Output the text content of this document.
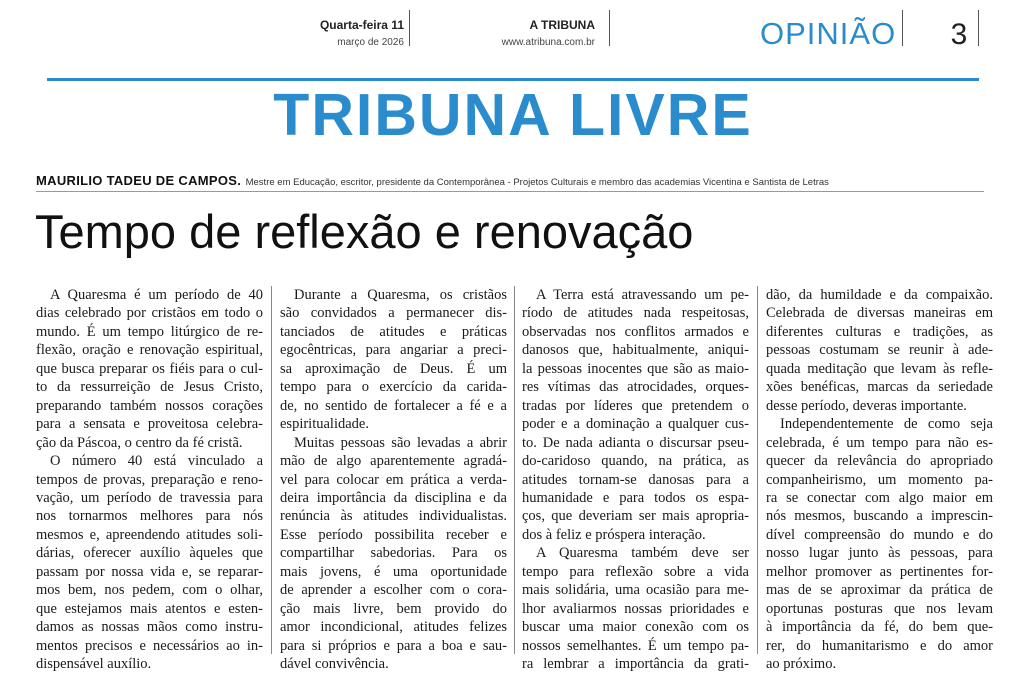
Quarta-feira 11
março de 2026
A TRIBUNA
www.atribuna.com.br	OPINIÃO 3
TRIBUNA LIVRE
MAURILIO TADEU DE CAMPOS. Mestre em Educação, escritor, presidente da Contemporânea - Projetos Culturais e membro das academias Vicentina e Santista de Letras
Tempo de reflexão e renovação
A Quaresma é um período de 40
dias celebrado por cristãos em todo o
mundo. É um tempo litúrgico de re-
flexão, oração e renovação espiritual,
que busca preparar os fiéis para o cul-
to da ressurreição de Jesus Cristo,
preparando também nossos corações
para a sensata e proveitosa celebra-
ção da Páscoa, o centro da fé cristã.
O número 40 está vinculado a
tempos de provas, preparação e reno-
vação, um período de travessia para
nos tornarmos melhores para nós
mesmos e, apreendendo atitudes soli-
dárias, oferecer auxílio àqueles que
passam por nossa vida e, se reparar-
mos bem, nos pedem, com o olhar,
que estejamos mais atentos e esten-
damos as nossas mãos como instru-
mentos precisos e necessários ao in-
dispensável auxílio.
Durante a Quaresma, os cristãos
são convidados a permanecer dis-
tanciados de atitudes e práticas
egocêntricas, para angariar a preci-
sa aproximação de Deus. É um
tempo para o exercício da carida-
de, no sentido de fortalecer a fé e a
espiritualidade.
Muitas pessoas são levadas a abrir
mão de algo aparentemente agradá-
vel para colocar em prática a verda-
deira importância da disciplina e da
renúncia às atitudes individualistas.
Esse período possibilita receber e
compartilhar sabedorias. Para os
mais jovens, é uma oportunidade
de aprender a escolher com o cora-
ção mais livre, bem provido do
amor incondicional, atitudes felizes
para si próprios e para a boa e sau-
dável convivência.
A Terra está atravessando um pe-
ríodo de atitudes nada respeitosas,
observadas nos conflitos armados e
danosos que, habitualmente, aniqui-
la pessoas inocentes que são as maio-
res vítimas das atrocidades, orques-
tradas por líderes que pretendem o
poder e a dominação a qualquer cus-
to. De nada adianta o discursar pseu-
do-caridoso quando, na prática, as
atitudes tornam-se danosas para a
humanidade e para todos os espa-
ços, que deveriam ser mais apropria-
dos à feliz e próspera interação.
A Quaresma também deve ser
tempo para reflexão sobre a vida
mais solidária, uma ocasião para me-
lhor avaliarmos nossas prioridades e
buscar uma maior conexão com os
nossos semelhantes. É um tempo pa-
ra lembrar a importância da grati-
dão, da humildade e da compaixão.
Celebrada de diversas maneiras em
diferentes culturas e tradições, as
pessoas costumam se reunir à ade-
quada meditação que levam às refle-
xões benéficas, marcas da seriedade
desse período, deveras importante.
Independentemente de como seja
celebrada, é um tempo para não es-
quecer da relevância do apropriado
companheirismo, um momento pa-
ra se conectar com algo maior em
nós mesmos, buscando a imprescin-
dível compreensão do mundo e do
nosso lugar junto às pessoas, para
melhor promover as pertinentes for-
mas de se aproximar da prática de
oportunas posturas que nos levam
à importância da fé, do bem que-
rer, do humanitarismo e do amor
ao próximo.
